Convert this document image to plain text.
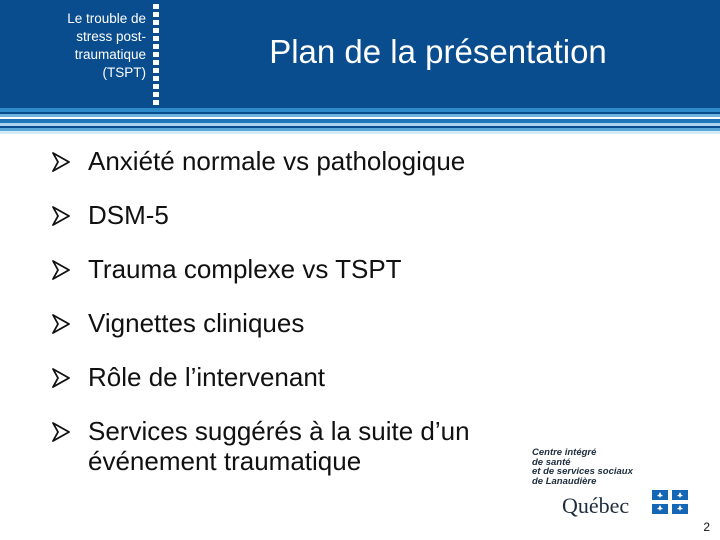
Le trouble de
stress post-
traumatique
(TSPT)
Plan de la présentation
Anxiété normale vs pathologique
DSM-5
Trauma complexe vs TSPT
Vignettes cliniques
Rôle de l’intervenant
Services suggérés à la suite d’un événement traumatique	Centre intégré
de santé
et de services sociaux
de Lanaudière
Québec
2
